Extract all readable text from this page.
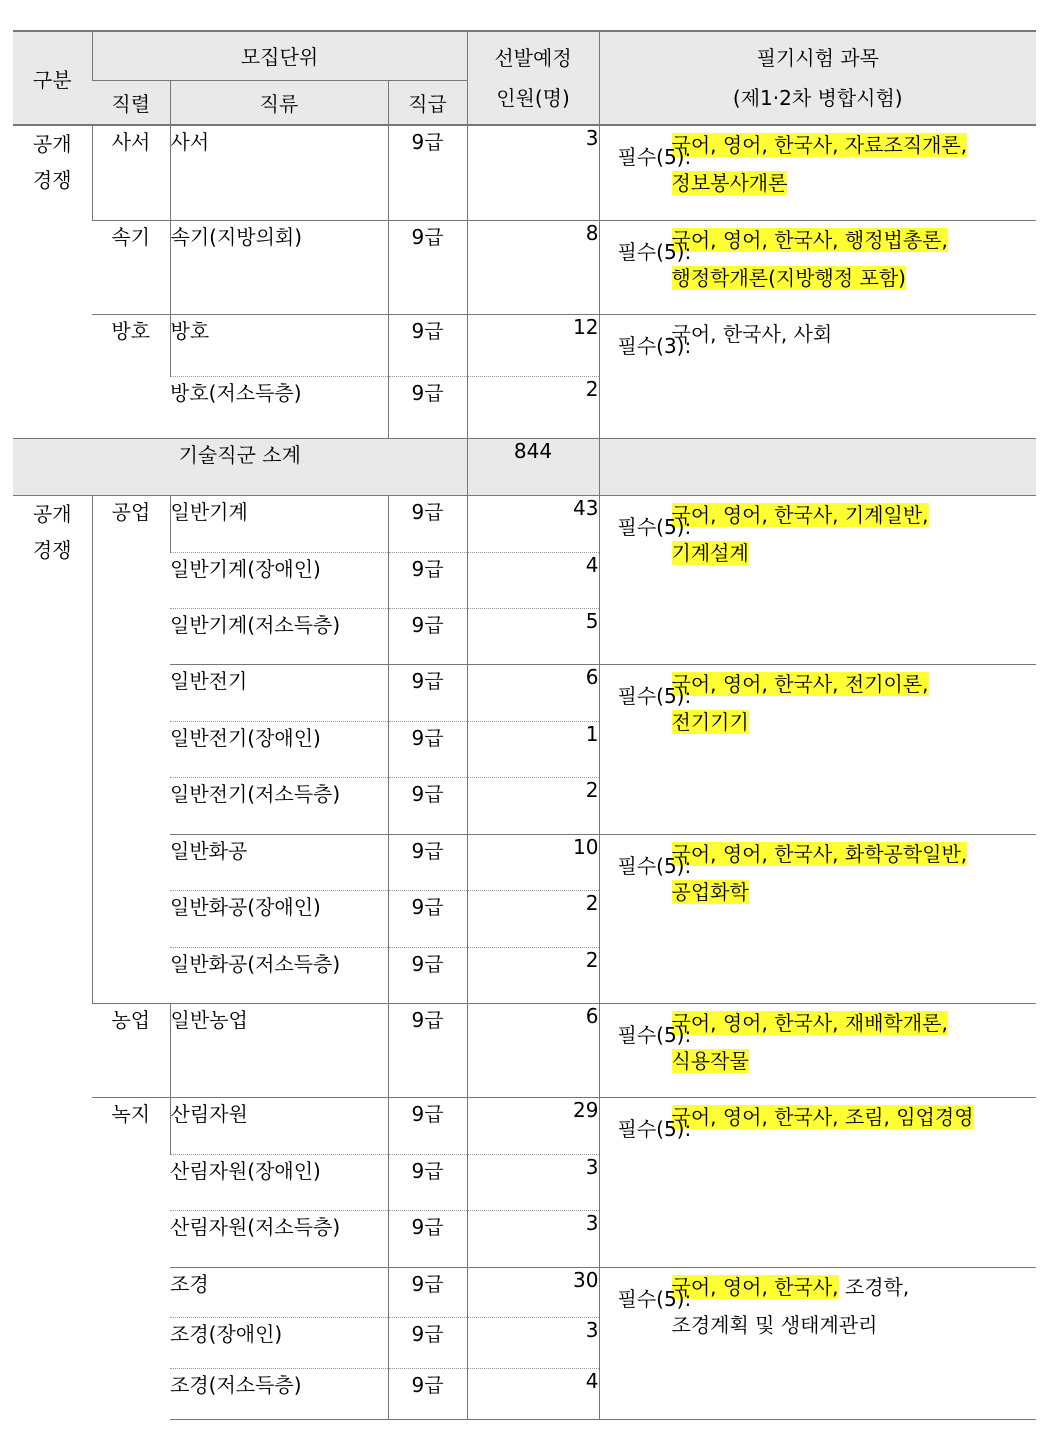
구분	모집단위			선발예정
인원(명)	필기시험 과목
(제1·2차 병합시험)
	직렬	직류	직급		
공개
경쟁	사서	사서	9급	3	필수(5):
국어, 영어, 한국사, 자료조직개론,
정보봉사개론

	속기	속기(지방의회)	9급	8	필수(5):
국어, 영어, 한국사, 행정법총론,
행정학개론(지방행정 포함)

	방호	방호	9급	12	필수(3):
국어, 한국사, 사회

		방호(저소득층)	9급	2	
기술직군 소계				844	
공개
경쟁	공업	일반기계	9급	43	필수(5):
국어, 영어, 한국사, 기계일반,
기계설계

		일반기계(장애인)	9급	4	
		일반기계(저소득층)	9급	5	
		일반전기	9급	6	필수(5):
국어, 영어, 한국사, 전기이론,
전기기기

		일반전기(장애인)	9급	1	
		일반전기(저소득층)	9급	2	
		일반화공	9급	10	필수(5):
국어, 영어, 한국사, 화학공학일반,
공업화학

		일반화공(장애인)	9급	2	
		일반화공(저소득층)	9급	2	
	농업	일반농업	9급	6	필수(5):
국어, 영어, 한국사, 재배학개론,
식용작물

	녹지	산림자원	9급	29	필수(5):
국어, 영어, 한국사, 조림, 임업경영

		산림자원(장애인)	9급	3	
		산림자원(저소득층)	9급	3	
		조경	9급	30	필수(5):
국어, 영어, 한국사, 조경학,
조경계획 및 생태계관리

		조경(장애인)	9급	3	
		조경(저소득층)	9급	4	
